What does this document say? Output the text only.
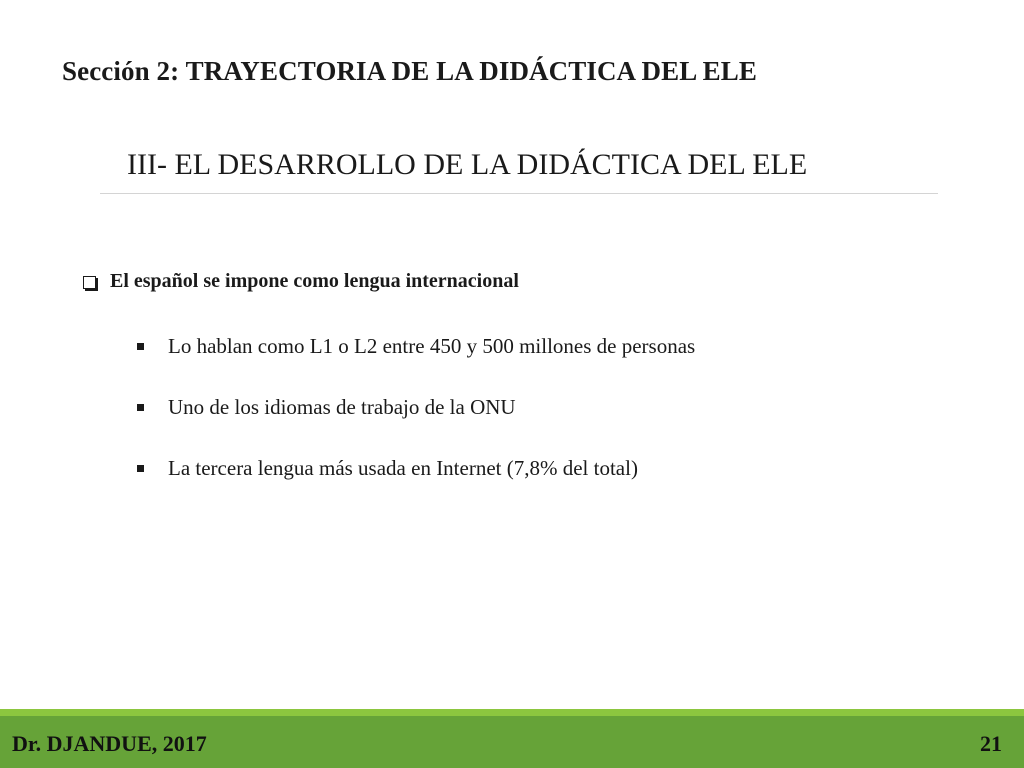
Sección 2: TRAYECTORIA DE LA DIDÁCTICA DEL ELE
III- EL DESARROLLO DE LA DIDÁCTICA DEL ELE
El español se impone como lengua internacional
Lo hablan como L1 o L2 entre 450 y 500 millones de personas
Uno de los idiomas de trabajo de la ONU
La tercera lengua más usada en Internet (7,8% del total)
Dr. DJANDUE, 2017	21
